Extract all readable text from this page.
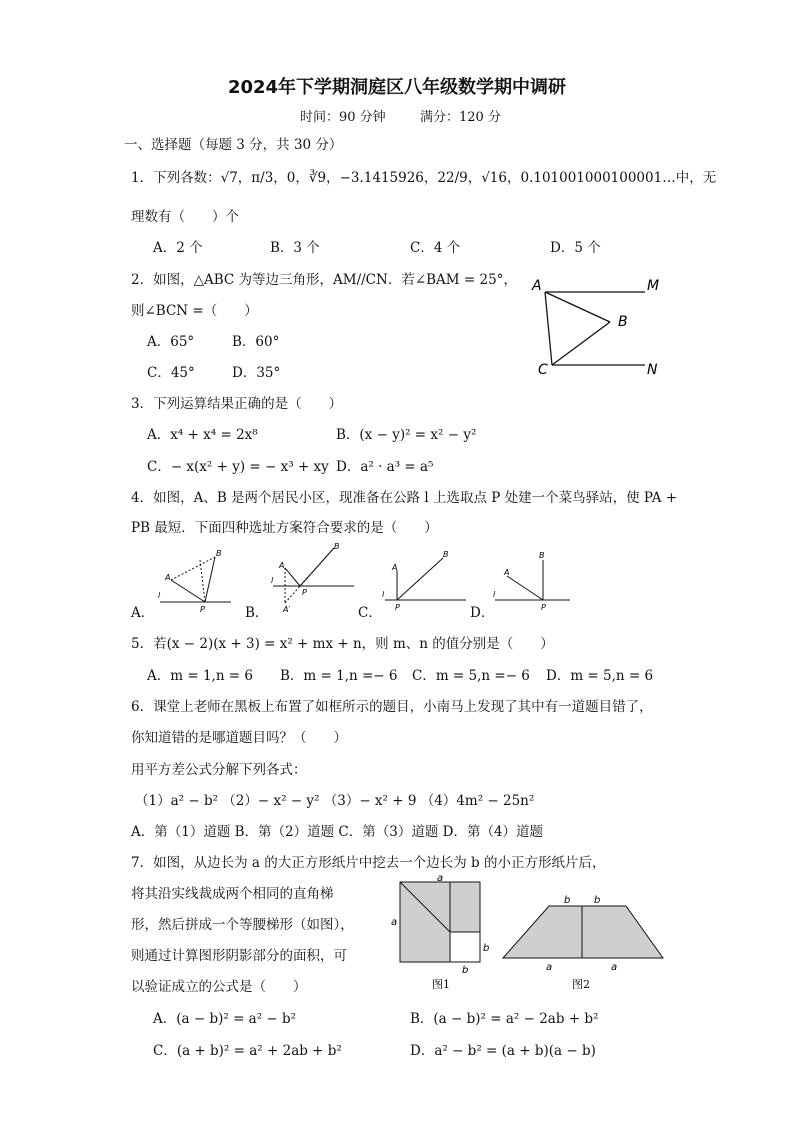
2024年下学期洞庭区八年级数学期中调研
时间：90 分钟	满分：120 分
一、选择题（每题 3 分，共 30 分）
1．下列各数：√7，π/3，0，∛9，−3.1415926，22/9，√16，0.101001000100001…中，无
理数有（　　）个
A．2 个	B．3 个	C．4 个	D．5 个
2．如图，△ABC 为等边三角形，AM//CN．若∠BAM = 25°，
则∠BCN =（　　）
A．65°	B．60°
C．45°	D．35°
A	M
B
C	N
3．下列运算结果正确的是（　　）
A．x⁴ + x⁴ = 2x⁸	B．(x − y)² = x² − y²
C．− x(x² + y) = − x³ + xy D．a² · a³ = a⁵
4．如图，A、B 是两个居民小区，现准备在公路 l 上选取点 P 处建一个菜鸟驿站，使 PA +
PB 最短．下面四种选址方案符合要求的是（　　）
A．
A
B
l
P	B．
A
B
l
P
A′	C．
A
B
l
P	D．
A
B
l
P
5．若(x − 2)(x + 3) = x² + mx + n，则 m、n 的值分别是（　　）
A．m = 1,n = 6 B．m = 1,n =− 6 C．m = 5,n =− 6 D．m = 5,n = 6
6．课堂上老师在黑板上布置了如框所示的题目，小南马上发现了其中有一道题目错了，
你知道错的是哪道题目吗？（　　）
用平方差公式分解下列各式：
（1）a² − b² （2）− x² − y² （3）− x² + 9 （4）4m² − 25n²
A．第（1）道题 B．第（2）道题 C．第（3）道题 D．第（4）道题
7．如图，从边长为 a 的大正方形纸片中挖去一个边长为 b 的小正方形纸片后，
将其沿实线裁成两个相同的直角梯
形，然后拼成一个等腰梯形（如图），
则通过计算图形阴影部分的面积，可
以验证成立的公式是（　　）
a
a
b
b
图1
b b
a	a
图2
A．(a − b)² = a² − b²	B．(a − b)² = a² − 2ab + b²
C．(a + b)² = a² + 2ab + b²	D．a² − b² = (a + b)(a − b)
